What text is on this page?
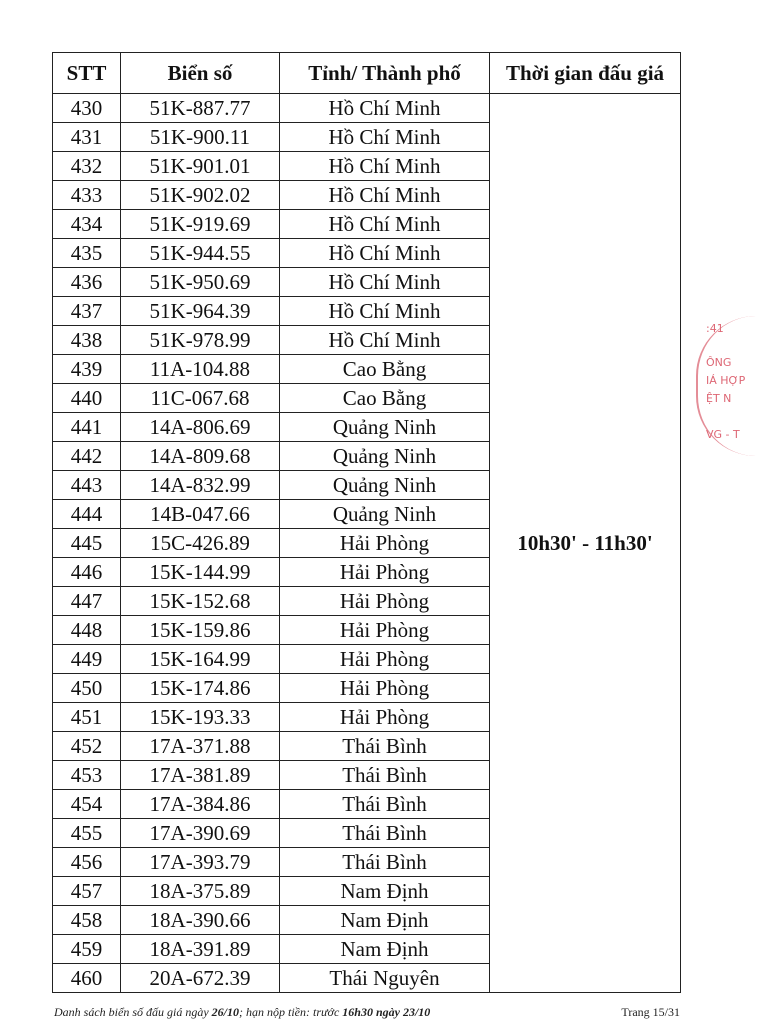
STT	Biển số	Tỉnh/ Thành phố	Thời gian đấu giá
430	51K-887.77	Hồ Chí Minh	10h30' - 11h30'
431	51K-900.11	Hồ Chí Minh	
432	51K-901.01	Hồ Chí Minh	
433	51K-902.02	Hồ Chí Minh	
434	51K-919.69	Hồ Chí Minh	
435	51K-944.55	Hồ Chí Minh	
436	51K-950.69	Hồ Chí Minh	
437	51K-964.39	Hồ Chí Minh	
438	51K-978.99	Hồ Chí Minh	
439	11A-104.88	Cao Bằng	
440	11C-067.68	Cao Bằng	
441	14A-806.69	Quảng Ninh	
442	14A-809.68	Quảng Ninh	
443	14A-832.99	Quảng Ninh	
444	14B-047.66	Quảng Ninh	
445	15C-426.89	Hải Phòng	
446	15K-144.99	Hải Phòng	
447	15K-152.68	Hải Phòng	
448	15K-159.86	Hải Phòng	
449	15K-164.99	Hải Phòng	
450	15K-174.86	Hải Phòng	
451	15K-193.33	Hải Phòng	
452	17A-371.88	Thái Bình	
453	17A-381.89	Thái Bình	
454	17A-384.86	Thái Bình	
455	17A-390.69	Thái Bình	
456	17A-393.79	Thái Bình	
457	18A-375.89	Nam Định	
458	18A-390.66	Nam Định	
459	18A-391.89	Nam Định	
460	20A-672.39	Thái Nguyên	
Danh sách biển số đấu giá ngày 26/10; hạn nộp tiền: trước 16h30 ngày 23/10	Trang 15/31
:41
ÔNG
IÁ HỢP
ỆT N
VG - T
